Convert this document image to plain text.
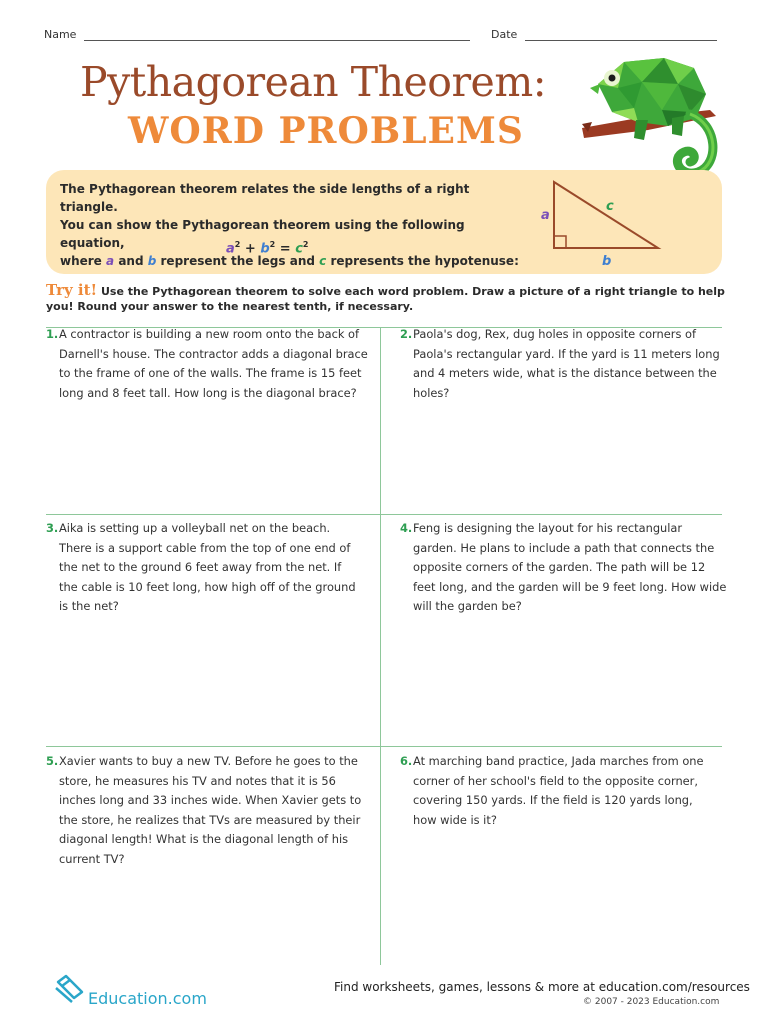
Name	Date
Pythagorean Theorem:
WORD PROBLEMS
The Pythagorean theorem relates the side lengths of a right triangle.
You can show the Pythagorean theorem using the following equation,
where a and b represent the legs and c represents the hypotenuse:
$a^2 + b^2 = c^2$
a
b
c
Try it! Use the Pythagorean theorem to solve each word problem. Draw a picture of a right triangle to help you! Round your answer to the nearest tenth, if necessary.
1. A contractor is building a new room onto the back of Darnell's house. The contractor adds a diagonal brace to the frame of one of the walls. The frame is 15 feet long and 8 feet tall. How long is the diagonal brace?
2. Paola's dog, Rex, dug holes in opposite corners of Paola's rectangular yard. If the yard is 11 meters long and 4 meters wide, what is the distance between the holes?
3. Aika is setting up a volleyball net on the beach. There is a support cable from the top of one end of the net to the ground 6 feet away from the net. If the cable is 10 feet long, how high off of the ground is the net?
4. Feng is designing the layout for his rectangular garden. He plans to include a path that connects the opposite corners of the garden. The path will be 12 feet long, and the garden will be 9 feet long. How wide will the garden be?
5. Xavier wants to buy a new TV. Before he goes to the store, he measures his TV and notes that it is 56 inches long and 33 inches wide. When Xavier gets to the store, he realizes that TVs are measured by their diagonal length! What is the diagonal length of his current TV?
6. At marching band practice, Jada marches from one corner of her school's field to the opposite corner, covering 150 yards. If the field is 120 yards long, how wide is it?
Education.com
Find worksheets, games, lessons & more at education.com/resources
© 2007 - 2023 Education.com
